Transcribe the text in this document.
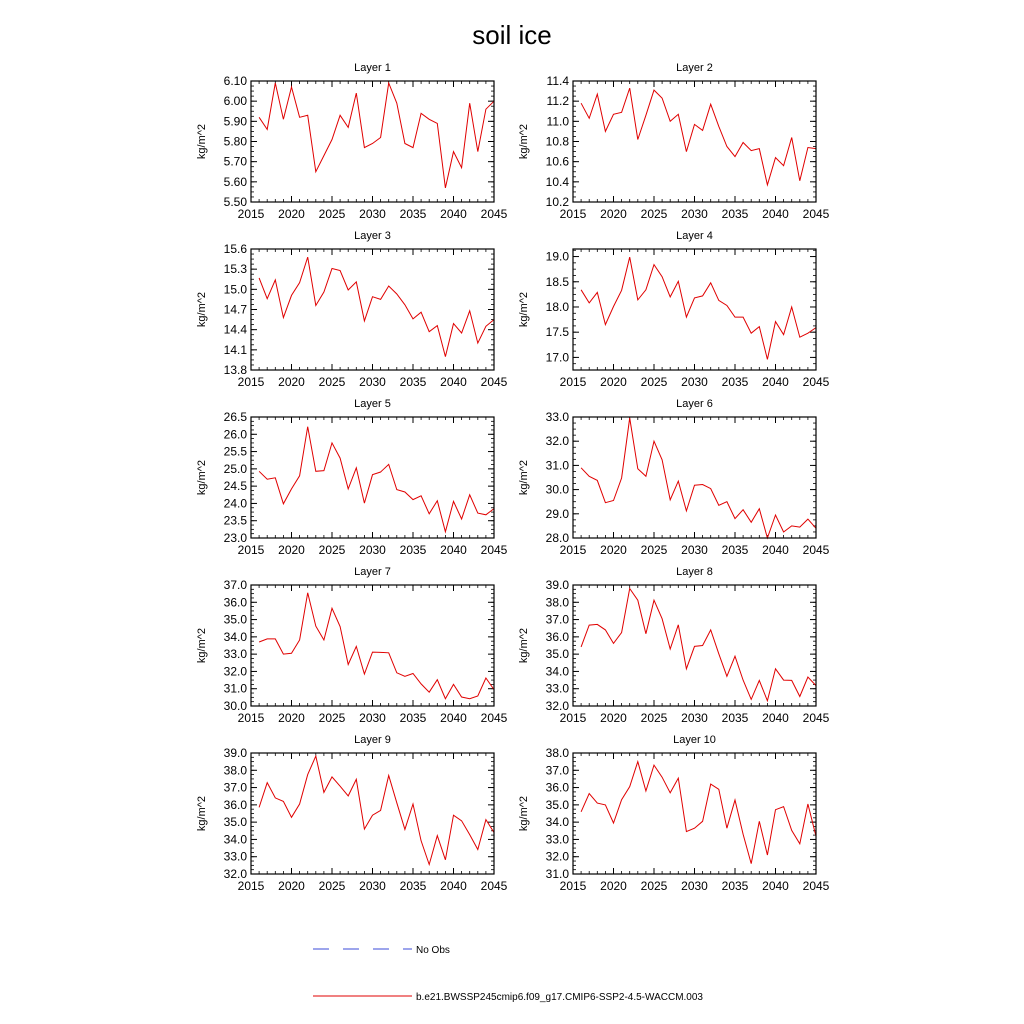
soil ice
Layer 1
kg/m^2
2015 2020 2025 2030 2035 2040 2045
5.50
5.60
5.70
5.80
5.90
6.00
6.10
Layer 2
kg/m^2
2015 2020 2025 2030 2035 2040 2045
10.2
10.4
10.6
10.8
11.0
11.2
11.4
Layer 3
kg/m^2
2015 2020 2025 2030 2035 2040 2045
13.8
14.1
14.4
14.7
15.0
15.3
15.6
Layer 4
kg/m^2
2015 2020 2025 2030 2035 2040 2045
17.0
17.5
18.0
18.5
19.0
Layer 5
kg/m^2
2015 2020 2025 2030 2035 2040 2045
23.0
23.5
24.0
24.5
25.0
25.5
26.0
26.5
Layer 6
kg/m^2
2015 2020 2025 2030 2035 2040 2045
28.0
29.0
30.0
31.0
32.0
33.0
Layer 7
kg/m^2
2015 2020 2025 2030 2035 2040 2045
30.0
31.0
32.0
33.0
34.0
35.0
36.0
37.0
Layer 8
kg/m^2
2015 2020 2025 2030 2035 2040 2045
32.0
33.0
34.0
35.0
36.0
37.0
38.0
39.0
Layer 9
kg/m^2
2015 2020 2025 2030 2035 2040 2045
32.0
33.0
34.0
35.0
36.0
37.0
38.0
39.0
Layer 10
kg/m^2
2015 2020 2025 2030 2035 2040 2045
31.0
32.0
33.0
34.0
35.0
36.0
37.0
38.0
No Obs
b.e21.BWSSP245cmip6.f09_g17.CMIP6-SSP2-4.5-WACCM.003
